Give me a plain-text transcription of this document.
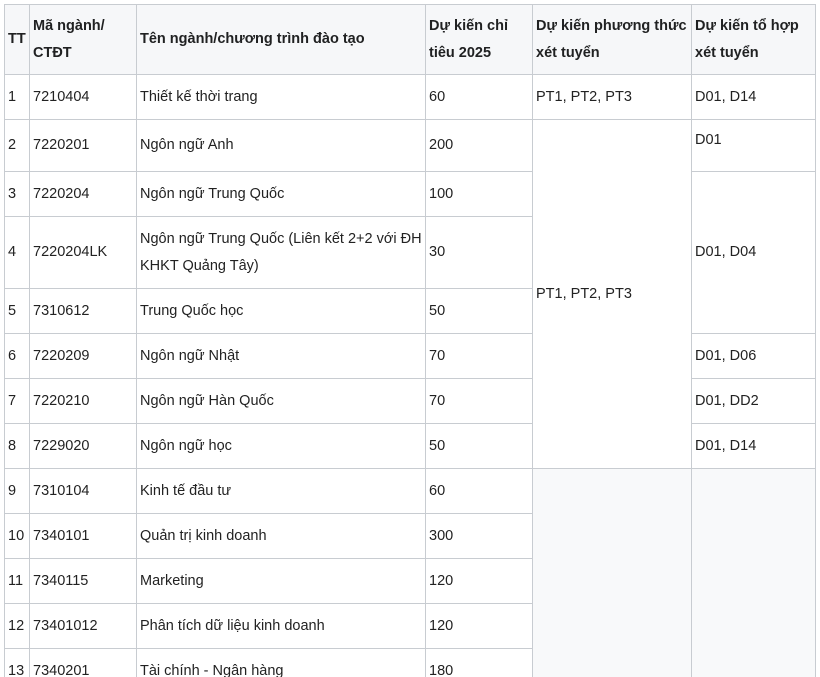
TT	Mã ngành/ CTĐT	Tên ngành/chương trình đào tạo	Dự kiến chỉ tiêu 2025	Dự kiến phương thức xét tuyển	Dự kiến tổ hợp xét tuyển
1	7210404	Thiết kế thời trang	60	PT1, PT2, PT3	D01, D14
2	7220201	Ngôn ngữ Anh	200	PT1, PT2, PT3	D01
3	7220204	Ngôn ngữ Trung Quốc	100		D01, D04
4	7220204LK	Ngôn ngữ Trung Quốc (Liên kết 2+2 với ĐH KHKT Quảng Tây)	30		
5	7310612	Trung Quốc học	50		
6	7220209	Ngôn ngữ Nhật	70		D01, D06
7	7220210	Ngôn ngữ Hàn Quốc	70		D01, DD2
8	7229020	Ngôn ngữ học	50		D01, D14
9	7310104	Kinh tế đầu tư	60		
10	7340101	Quản trị kinh doanh	300		
11	7340115	Marketing	120		
12	73401012	Phân tích dữ liệu kinh doanh	120		
13	7340201	Tài chính - Ngân hàng	180		
